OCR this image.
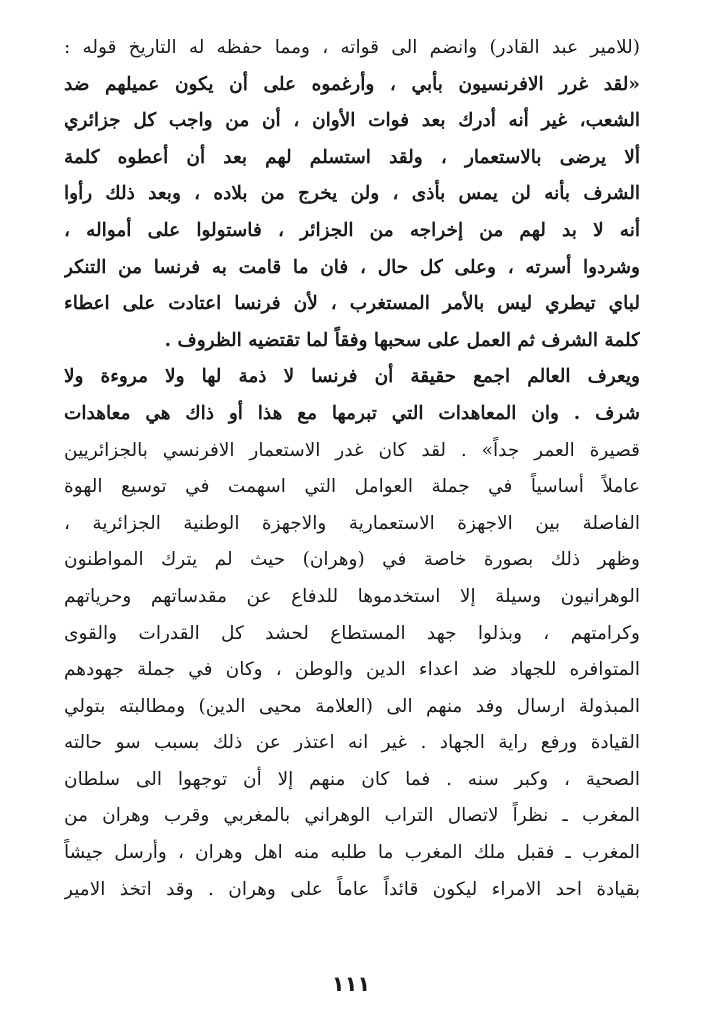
(للامير عبد القادر) وانضم الى قواته ، ومما حفظه له التاريخ قوله :
«لقد غرر الافرنسيون بأبي ، وأرغموه على أن يكون عميلهم ضد
الشعب، غير أنه أدرك بعد فوات الأوان ، أن من واجب كل جزائري
ألا يرضى بالاستعمار ، ولقد استسلم لهم بعد أن أعطوه كلمة
الشرف بأنه لن يمس بأذى ، ولن يخرج من بلاده ، وبعد ذلك رأوا
أنه لا بد لهم من إخراجه من الجزائر ، فاستولوا على أمواله ،
وشردوا أسرته ، وعلى كل حال ، فان ما قامت به فرنسا من التنكر
لباي تيطري ليس بالأمر المستغرب ، لأن فرنسا اعتادت على اعطاء
كلمة الشرف ثم العمل على سحبها وفقاً لما تقتضيه الظروف .
ويعرف العالم اجمع حقيقة أن فرنسا لا ذمة لها ولا مروءة ولا
شرف . وان المعاهدات التي تبرمها مع هذا أو ذاك هي معاهدات
قصيرة العمر جداً» . لقد كان غدر الاستعمار الافرنسي بالجزائريين
عاملاً أساسياً في جملة العوامل التي اسهمت في توسيع الهوة
الفاصلة بين الاجهزة الاستعمارية والاجهزة الوطنية الجزائرية ،
وظهر ذلك بصورة خاصة في (وهران) حيث لم يترك المواطنون
الوهرانيون وسيلة إلا استخدموها للدفاع عن مقدساتهم وحرياتهم
وكرامتهم ، وبذلوا جهد المستطاع لحشد كل القدرات والقوى
المتوافره للجهاد ضد اعداء الدين والوطن ، وكان في جملة جهودهم
المبذولة ارسال وفد منهم الى (العلامة محيى الدين) ومطالبته بتولي
القيادة ورفع راية الجهاد . غير انه اعتذر عن ذلك بسبب سو حالته
الصحية ، وكبر سنه . فما كان منهم إلا أن توجهوا الى سلطان
المغرب ـ نظراً لاتصال التراب الوهراني بالمغربي وقرب وهران من
المغرب ـ فقبل ملك المغرب ما طلبه منه اهل وهران ، وأرسل جيشاً
بقيادة احد الامراء ليكون قائداً عاماً على وهران . وقد اتخذ الامير
١١١
